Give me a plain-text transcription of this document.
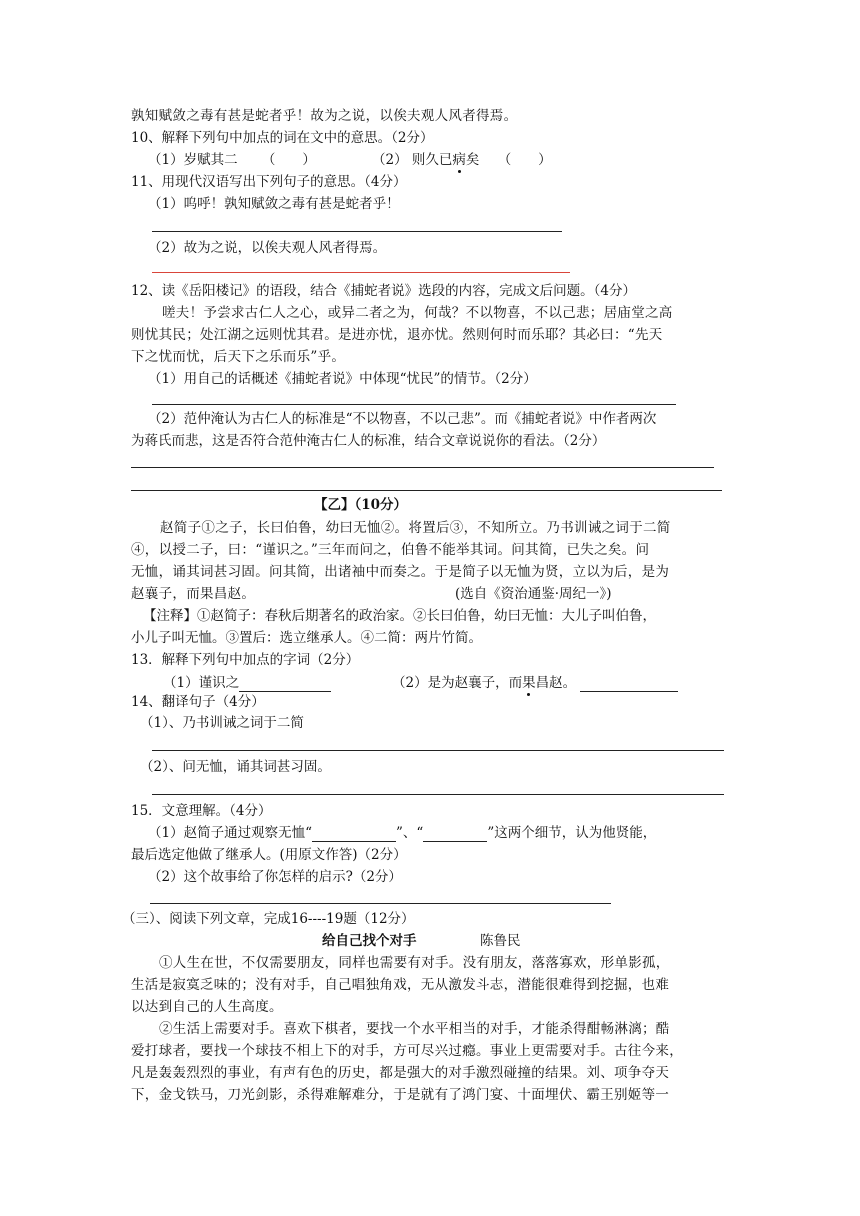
孰知赋敛之毒有甚是蛇者乎！故为之说，以俟夫观人风者得焉。
10、解释下列句中加点的词在文中的意思。（2分）
（1）岁赋其二 （　　）	（2） 则久已病矣 （　　）
11、用现代汉语写出下列句子的意思。（4分）
（1）呜呼！孰知赋敛之毒有甚是蛇者乎！
（2）故为之说，以俟夫观人风者得焉。
12、读《岳阳楼记》的语段，结合《捕蛇者说》选段的内容，完成文后问题。（4分）
嗟夫！予尝求古仁人之心，或异二者之为，何哉？不以物喜，不以己悲；居庙堂之高
则忧其民；处江湖之远则忧其君。是进亦忧，退亦忧。然则何时而乐耶？其必曰：“先天
下之忧而忧，后天下之乐而乐”乎。
（1）用自己的话概述《捕蛇者说》中体现“忧民”的情节。（2分）
（2）范仲淹认为古仁人的标准是“不以物喜，不以己悲”。而《捕蛇者说》中作者两次
为蒋氏而悲，这是否符合范仲淹古仁人的标准，结合文章说说你的看法。（2分）
【乙】（10分）
赵简子①之子，长曰伯鲁，幼曰无恤②。将置后③，不知所立。乃书训诫之词于二简
④，以授二子，曰：“谨识之。”三年而问之，伯鲁不能举其词。问其简，已失之矣。问
无恤，诵其词甚习固。问其简，出诸袖中而奏之。于是简子以无恤为贤，立以为后，是为
赵襄子，而果昌赵。	(选自《资治通鉴·周纪一》)
【注释】①赵简子：春秋后期著名的政治家。②长曰伯鲁，幼曰无恤：大儿子叫伯鲁，
小儿子叫无恤。③置后：选立继承人。④二简：两片竹简。
13．解释下列句中加点的字词（2分）
（1）谨识之	（2）是为赵襄子，而果昌赵。
14、翻译句子（4分）
（1）、乃书训诫之词于二简
（2）、问无恤，诵其词甚习固。
15．文意理解。（4分）
（1）赵简子通过观察无恤“	”、“	”这两个细节，认为他贤能，
最后选定他做了继承人。(用原文作答)（2分）
（2）这个故事给了你怎样的启示?（2分）
（三）、阅读下列文章，完成16----19题（12分）
给自己找个对手	陈鲁民
①人生在世，不仅需要朋友，同样也需要有对手。没有朋友，落落寡欢，形单影孤，
生活是寂寞乏味的；没有对手，自己唱独角戏，无从激发斗志，潜能很难得到挖掘，也难
以达到自己的人生高度。
②生活上需要对手。喜欢下棋者，要找一个水平相当的对手，才能杀得酣畅淋漓；酷
爱打球者，要找一个球技不相上下的对手，方可尽兴过瘾。事业上更需要对手。古往今来，
凡是轰轰烈烈的事业，有声有色的历史，都是强大的对手激烈碰撞的结果。刘、项争夺天
下，金戈铁马，刀光剑影，杀得难解难分，于是就有了鸿门宴、十面埋伏、霸王别姬等一
